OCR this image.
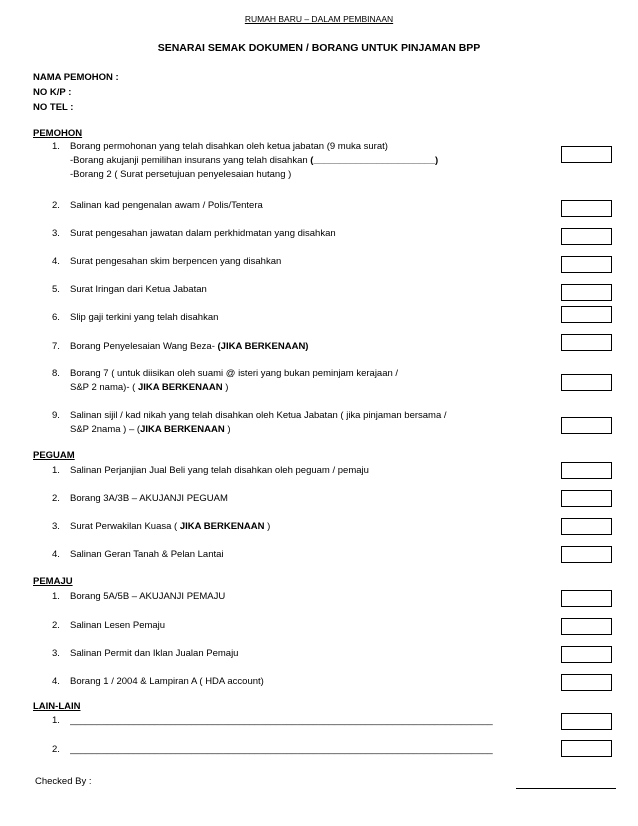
RUMAH BARU – DALAM PEMBINAAN
SENARAI SEMAK DOKUMEN / BORANG UNTUK PINJAMAN BPP
NAMA PEMOHON :
NO K/P :
NO TEL :
PEMOHON
1.	Borang permohonan yang telah disahkan oleh ketua jabatan (9 muka surat)
-Borang akujanji pemilihan insurans yang telah disahkan (_______________________)
-Borang 2 ( Surat persetujuan penyelesaian hutang )
2.	Salinan kad pengenalan awam / Polis/Tentera
3.	Surat pengesahan jawatan dalam perkhidmatan yang disahkan
4.	Surat pengesahan skim berpencen yang disahkan
5.	Surat Iringan dari Ketua Jabatan
6.	Slip gaji terkini yang telah disahkan
7.	Borang Penyelesaian Wang Beza- (JIKA BERKENAAN)
8.	Borang 7 ( untuk diisikan oleh suami @ isteri yang bukan peminjam kerajaan /
S&P 2 nama)- ( JIKA BERKENAAN )
9.	Salinan sijil / kad nikah yang telah disahkan oleh Ketua Jabatan ( jika pinjaman bersama /
S&P 2nama ) – (JIKA BERKENAAN )
PEGUAM
1.	Salinan Perjanjian Jual Beli yang telah disahkan oleh peguam / pemaju
2.	Borang 3A/3B – AKUJANJI PEGUAM
3.	Surat Perwakilan Kuasa ( JIKA BERKENAAN )
4.	Salinan Geran Tanah & Pelan Lantai
PEMAJU
1.	Borang 5A/5B – AKUJANJI PEMAJU
2.	Salinan Lesen Pemaju
3.	Salinan Permit dan Iklan Jualan Pemaju
4.	Borang 1 / 2004 & Lampiran A ( HDA account)
LAIN-LAIN
1.	________________________________________________________________________________
2.	________________________________________________________________________________
Checked By :
